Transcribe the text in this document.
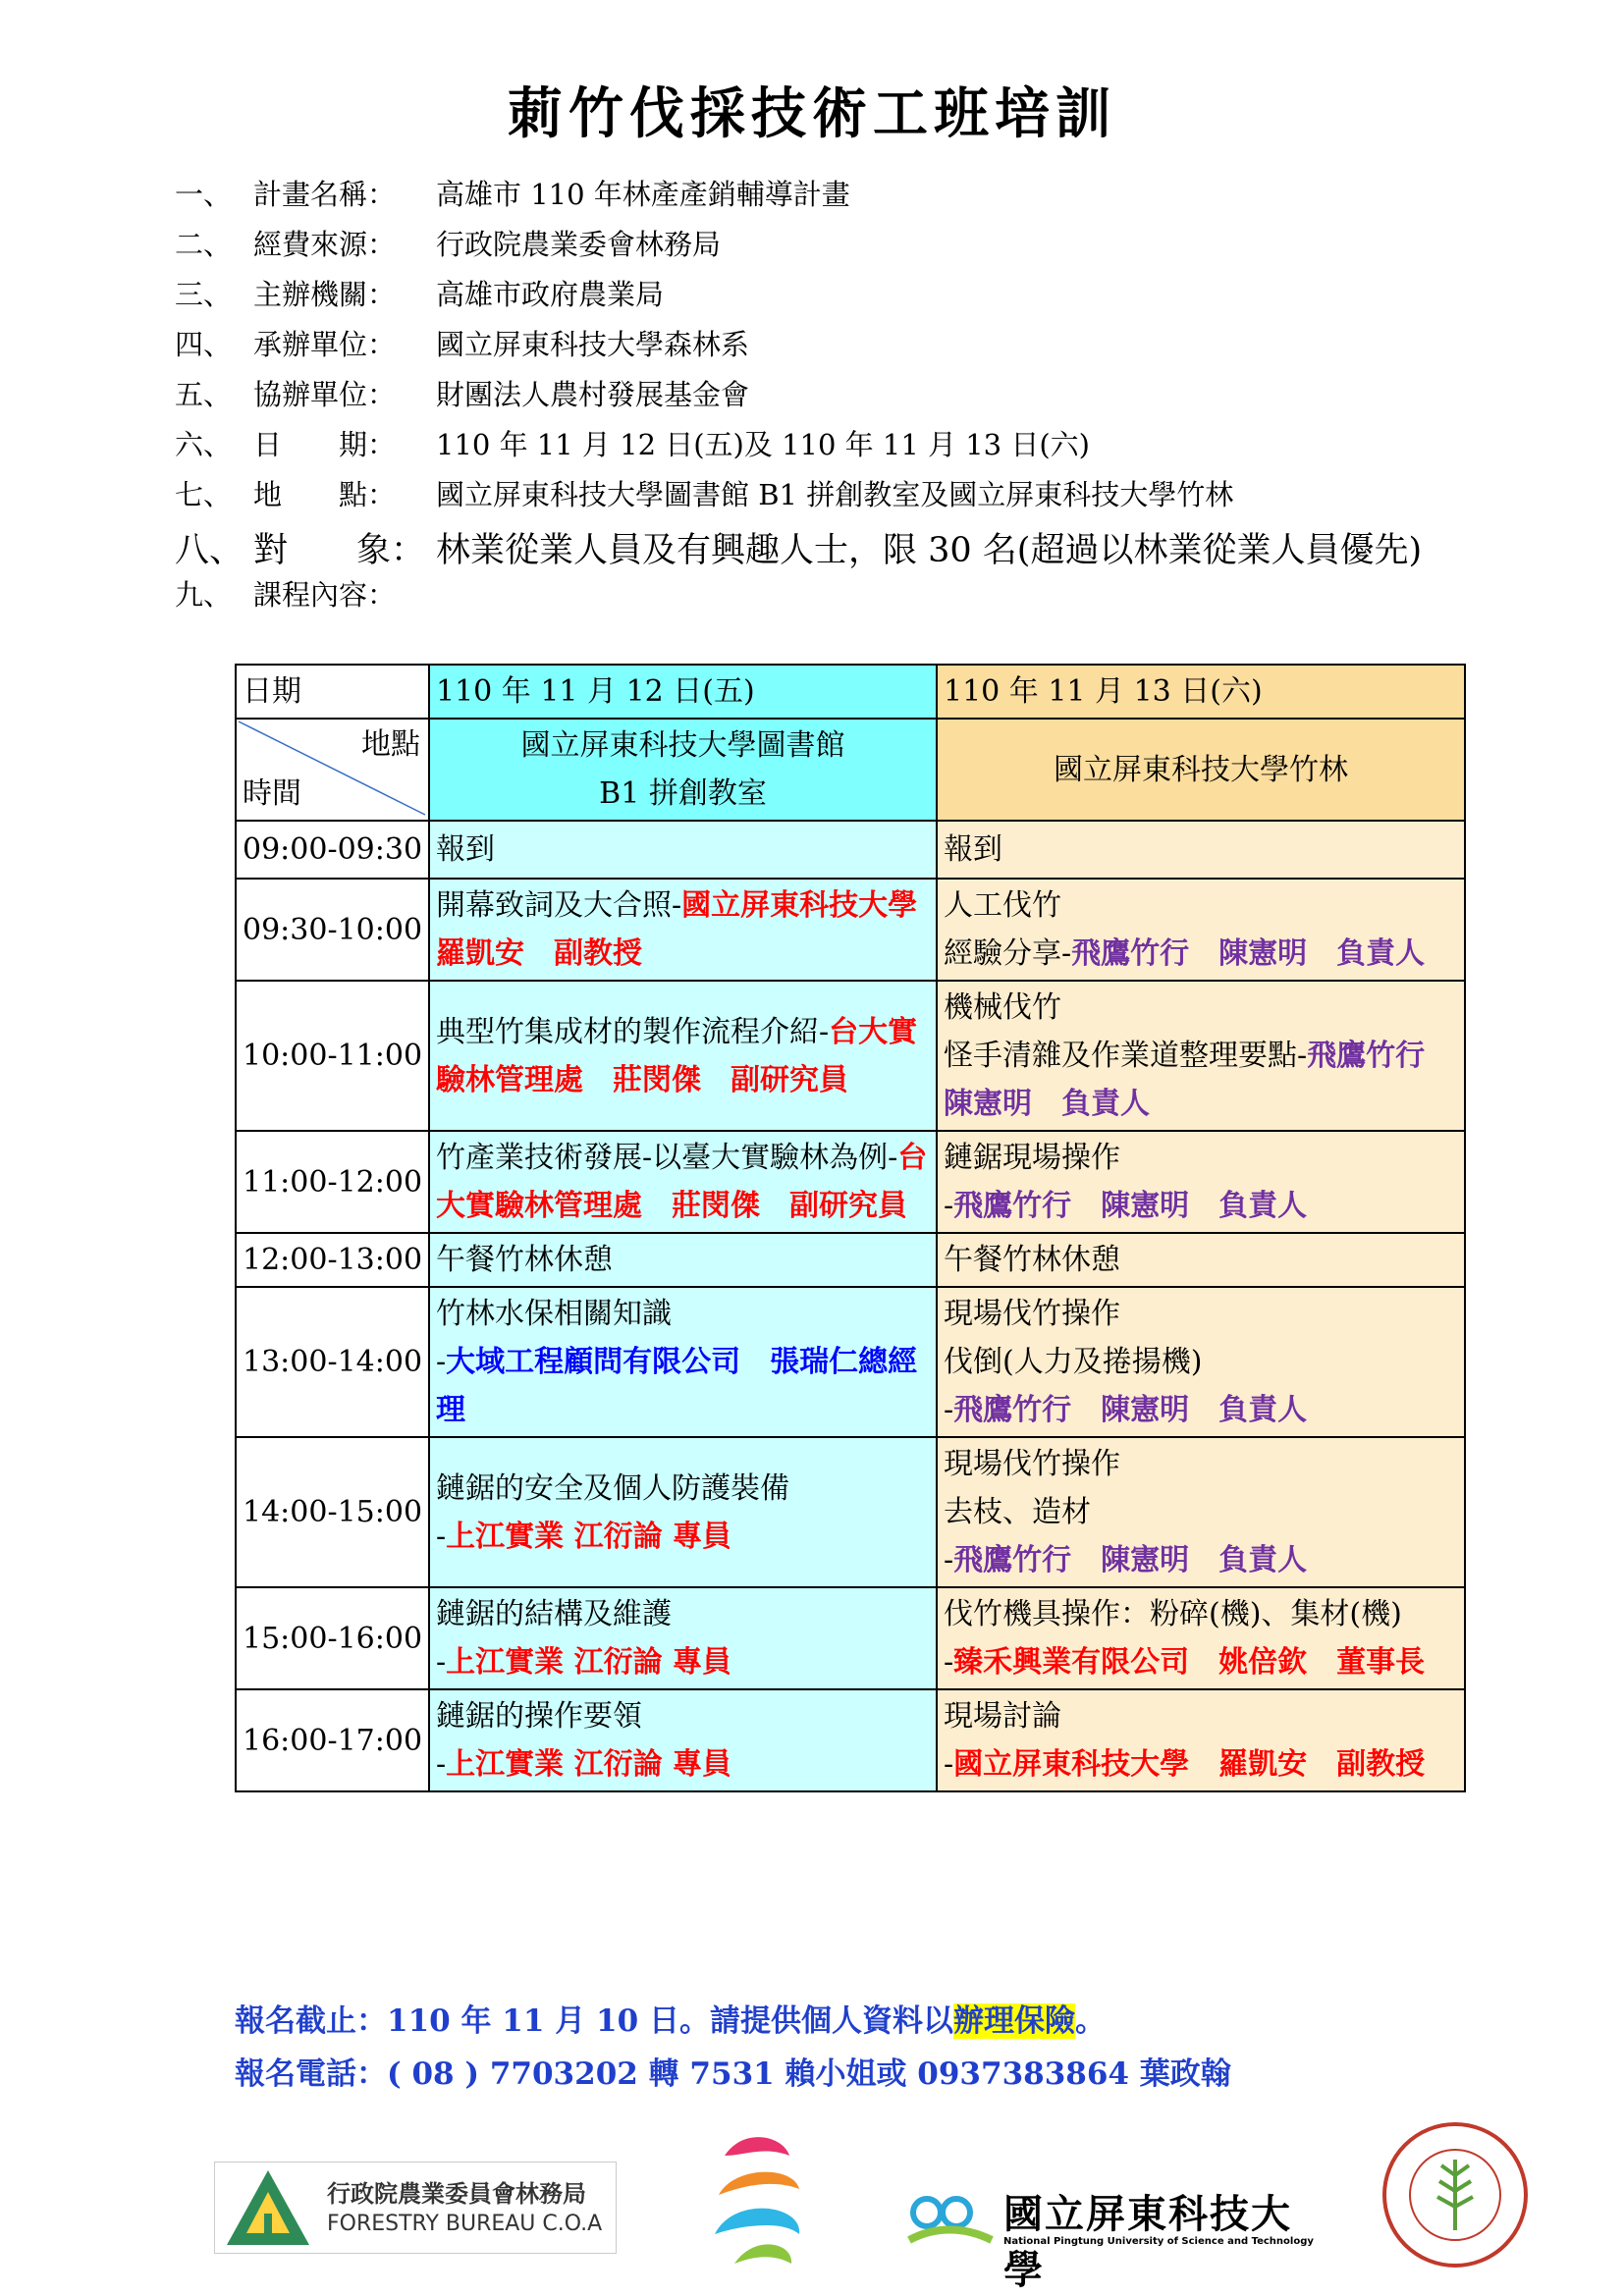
莿竹伐採技術工班培訓
一、 計畫名稱：	高雄市 110 年林產產銷輔導計畫
二、 經費來源：	行政院農業委會林務局
三、 主辦機關：	高雄市政府農業局
四、 承辦單位：	國立屏東科技大學森林系
五、 協辦單位：	財團法人農村發展基金會
六、 日　　期：	110 年 11 月 12 日(五)及 110 年 11 月 13 日(六)
七、 地　　點：	國立屏東科技大學圖書館 B1 拼創教室及國立屏東科技大學竹林
八、 對　　象： 林業從業人員及有興趣人士，限 30 名(超過以林業從業人員優先)
九、 課程內容：
日期	110 年 11 月 12 日(五)	110 年 11 月 13 日(六)

地點
時間	國立屏東科技大學圖書館
B1 拼創教室	國立屏東科技大學竹林
09:00-09:30	報到	報到
09:30-10:00	開幕致詞及大合照-國立屏東科技大學　羅凱安　副教授	人工伐竹
經驗分享-飛鷹竹行　陳憲明　負責人
10:00-11:00	典型竹集成材的製作流程介紹-台大實驗林管理處　莊閔傑　副研究員	機械伐竹
怪手清雜及作業道整理要點-飛鷹竹行　陳憲明　負責人
11:00-12:00	竹產業技術發展-以臺大實驗林為例-台大實驗林管理處　莊閔傑　副研究員	鏈鋸現場操作
-飛鷹竹行　陳憲明　負責人
12:00-13:00	午餐竹林休憩	午餐竹林休憩
13:00-14:00	竹林水保相關知識
-大域工程顧問有限公司　張瑞仁總經理	現場伐竹操作
伐倒(人力及捲揚機)
-飛鷹竹行　陳憲明　負責人
14:00-15:00	鏈鋸的安全及個人防護裝備
-上江實業 江衍論 專員	現場伐竹操作
去枝、造材
-飛鷹竹行　陳憲明　負責人
15:00-16:00	鏈鋸的結構及維護
-上江實業 江衍論 專員	伐竹機具操作：粉碎(機)、集材(機)
-臻禾興業有限公司　姚倍欽　董事長
16:00-17:00	鏈鋸的操作要領
-上江實業 江衍論 專員	現場討論
-國立屏東科技大學　羅凱安　副教授
報名截止：110 年 11 月 10 日。請提供個人資料以辦理保險。
報名電話：( 08 ) 7703202 轉 7531 賴小姐或 0937383864 葉政翰
行政院農業委員會林務局
FORESTRY BUREAU C.O.A	國立屏東科技大學
National Pingtung University of Science and Technology
